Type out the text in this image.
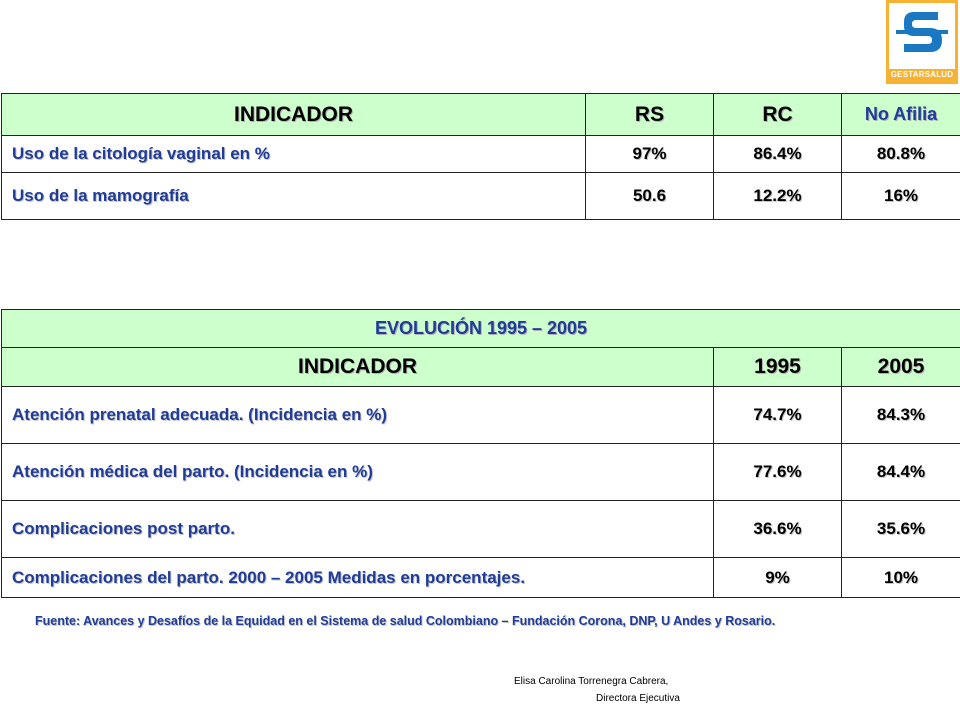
GESTARSALUD
INDICADOR	RS	RC	No Afilia
Uso de la citología vaginal en %	97%	86.4%	80.8%
Uso de la mamografía	50.6	12.2%	16%
EVOLUCIÓN 1995 – 2005		
INDICADOR	1995	2005
Atención prenatal adecuada. (Incidencia en %)	74.7%	84.3%
Atención médica del parto. (Incidencia en %)	77.6%	84.4%
Complicaciones post parto.	36.6%	35.6%
Complicaciones del parto. 2000 – 2005 Medidas en porcentajes.	9%	10%
Fuente: Avances y Desafíos de la Equidad en el Sistema de salud Colombiano – Fundación Corona, DNP, U Andes y Rosario.
Elisa Carolina Torrenegra Cabrera,
Directora Ejecutiva
